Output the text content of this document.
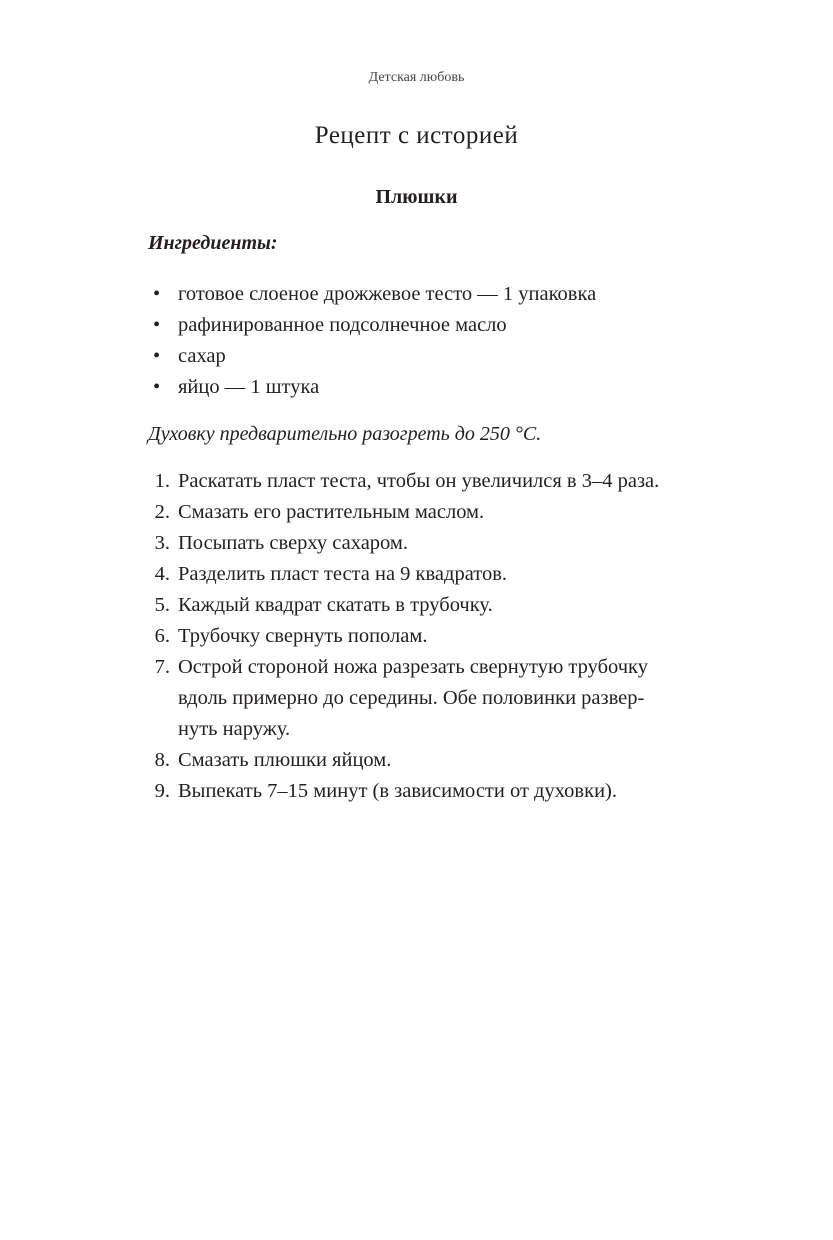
Детская любовь
Рецепт с историей
Плюшки
Ингредиенты:
• готовое слоеное дрожжевое тесто — 1 упаковка
• рафинированное подсолнечное масло
• сахар
• яйцо — 1 штука
Духовку предварительно разогреть до 250 °C.
1. Раскатать пласт теста, чтобы он увеличился в 3–4 раза.
2. Смазать его растительным маслом.
3. Посыпать сверху сахаром.
4. Разделить пласт теста на 9 квадратов.
5. Каждый квадрат скатать в трубочку.
6. Трубочку свернуть пополам.
7. Острой стороной ножа разрезать свернутую трубочку
вдоль примерно до середины. Обе половинки развер-
нуть наружу.
8. Смазать плюшки яйцом.
9. Выпекать 7–15 минут (в зависимости от духовки).
